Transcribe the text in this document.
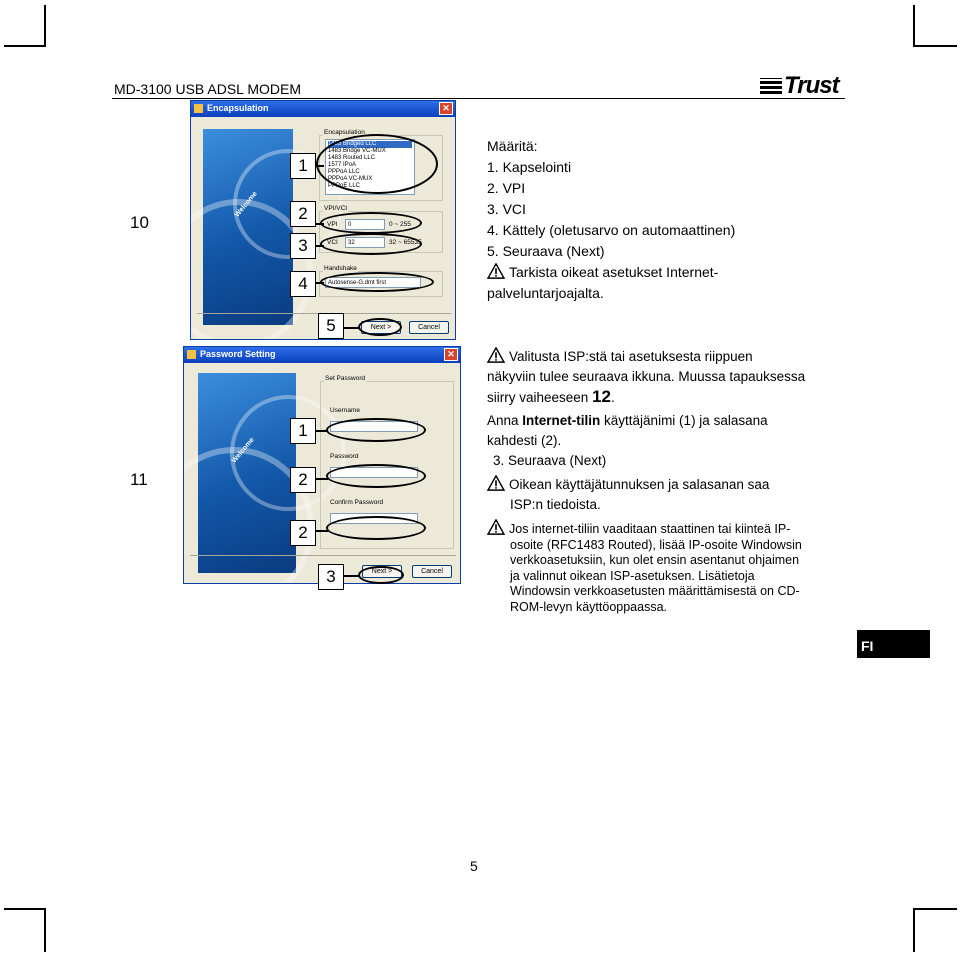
MD-3100 USB ADSL MODEM	Trust
10
Encapsulation	✕
Welcome
Encapsulation
1483 Bridged LLC
1483 Bridge VC-MUX
1483 Routed LLC
1577 IPoA
PPPoA LLC
PPPoA VC-MUX
PPPoE LLC
VPI/VCI
VPI	0	0 ~ 255
VCI	32	32 ~ 65535
Handshake
Autosense-G.dmt first
Next >	Cancel
1
2
3
4
5
Määritä:
1. Kapselointi
2. VPI
3. VCI
4. Kättely (oletusarvo on automaattinen)
5. Seuraava (Next)
Tarkista oikeat asetukset Internet-
palveluntarjoajalta.
11
Password Setting	✕
Welcome
Set Password
Username
Password
Confirm Password
Next >	Cancel
1
2
2
3
Valitusta ISP:stä tai asetuksesta riippuen
näkyviin tulee seuraava ikkuna. Muussa tapauksessa
siirry vaiheeseen 12.
Anna Internet-tilin käyttäjänimi (1) ja salasana
kahdesti (2).
3. Seuraava (Next)
Oikean käyttäjätunnuksen ja salasanan saa
ISP:n tiedoista.
Jos internet-tiliin vaaditaan staattinen tai kiinteä IP-
osoite (RFC1483 Routed), lisää IP-osoite Windowsin
verkkoasetuksiin, kun olet ensin asentanut ohjaimen
ja valinnut oikean ISP-asetuksen. Lisätietoja
Windowsin verkkoasetusten määrittämisestä on CD-
ROM-levyn käyttöoppaassa.
FI
5
